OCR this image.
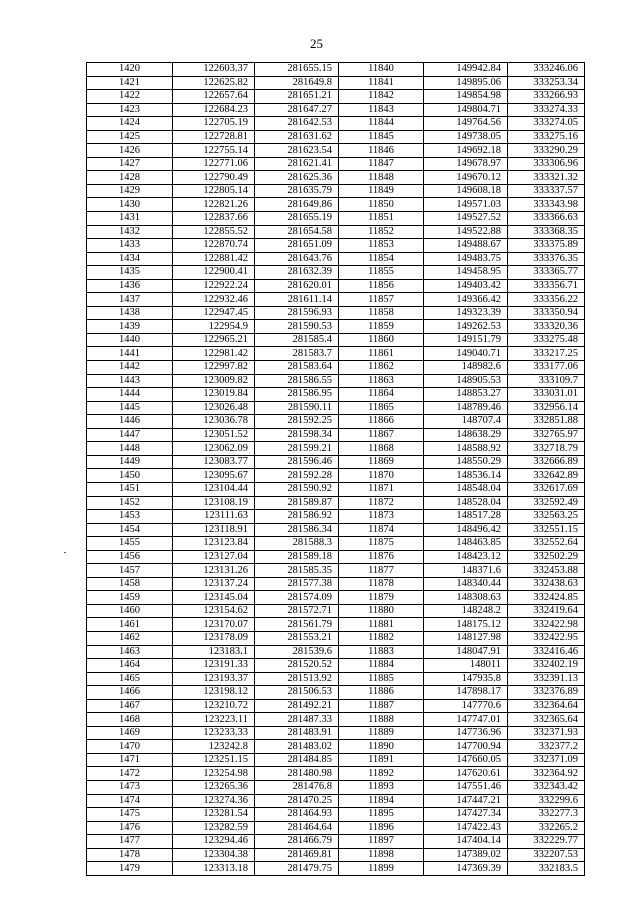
25
1420	122603.37	281655.15	11840	149942.84	333246.06
1421	122625.82	281649.8	11841	149895.06	333253.34
1422	122657.64	281651.21	11842	149854.98	333266.93
1423	122684.23	281647.27	11843	149804.71	333274.33
1424	122705.19	281642.53	11844	149764.56	333274.05
1425	122728.81	281631.62	11845	149738.05	333275.16
1426	122755.14	281623.54	11846	149692.18	333290.29
1427	122771.06	281621.41	11847	149678.97	333306.96
1428	122790.49	281625.36	11848	149670.12	333321.32
1429	122805.14	281635.79	11849	149608.18	333337.57
1430	122821.26	281649.86	11850	149571.03	333343.98
1431	122837.66	281655.19	11851	149527.52	333366.63
1432	122855.52	281654.58	11852	149522.88	333368.35
1433	122870.74	281651.09	11853	149488.67	333375.89
1434	122881.42	281643.76	11854	149483.75	333376.35
1435	122900.41	281632.39	11855	149458.95	333365.77
1436	122922.24	281620.01	11856	149403.42	333356.71
1437	122932.46	281611.14	11857	149366.42	333356.22
1438	122947.45	281596.93	11858	149323.39	333350.94
1439	122954.9	281590.53	11859	149262.53	333320.36
1440	122965.21	281585.4	11860	149151.79	333275.48
1441	122981.42	281583.7	11861	149040.71	333217.25
1442	122997.82	281583.64	11862	148982.6	333177.06
1443	123009.82	281586.55	11863	148905.53	333109.7
1444	123019.84	281586.95	11864	148853.27	333031.01
1445	123026.48	281590.11	11865	148789.46	332956.14
1446	123036.78	281592.25	11866	148707.4	332851.88
1447	123051.52	281598.34	11867	148638.29	332765.97
1448	123062.09	281599.21	11868	148588.92	332718.79
1449	123083.77	281596.46	11869	148550.29	332666.89
1450	123095.67	281592.28	11870	148536.14	332642.89
1451	123104.44	281590.92	11871	148548.04	332617.69
1452	123108.19	281589.87	11872	148528.04	332592.49
1453	123111.63	281586.92	11873	148517.28	332563.25
1454	123118.91	281586.34	11874	148496.42	332551.15
1455	123123.84	281588.3	11875	148463.85	332552.64
1456	123127.04	281589.18	11876	148423.12	332502.29
1457	123131.26	281585.35	11877	148371.6	332453.88
1458	123137.24	281577.38	11878	148340.44	332438.63
1459	123145.04	281574.09	11879	148308.63	332424.85
1460	123154.62	281572.71	11880	148248.2	332419.64
1461	123170.07	281561.79	11881	148175.12	332422.98
1462	123178.09	281553.21	11882	148127.98	332422.95
1463	123183.1	281539.6	11883	148047.91	332416.46
1464	123191.33	281520.52	11884	148011	332402.19
1465	123193.37	281513.92	11885	147935.8	332391.13
1466	123198.12	281506.53	11886	147898.17	332376.89
1467	123210.72	281492.21	11887	147770.6	332364.64
1468	123223.11	281487.33	11888	147747.01	332365.64
1469	123233.33	281483.91	11889	147736.96	332371.93
1470	123242.8	281483.02	11890	147700.94	332377.2
1471	123251.15	281484.85	11891	147660.05	332371.09
1472	123254.98	281480.98	11892	147620.61	332364.92
1473	123265.36	281476.8	11893	147551.46	332343.42
1474	123274.36	281470.25	11894	147447.21	332299.6
1475	123281.54	281464.93	11895	147427.34	332277.3
1476	123282.59	281464.64	11896	147422.43	332265.2
1477	123294.46	281466.79	11897	147404.14	332229.77
1478	123304.38	281469.81	11898	147389.02	332207.53
1479	123313.18	281479.75	11899	147369.39	332183.5
